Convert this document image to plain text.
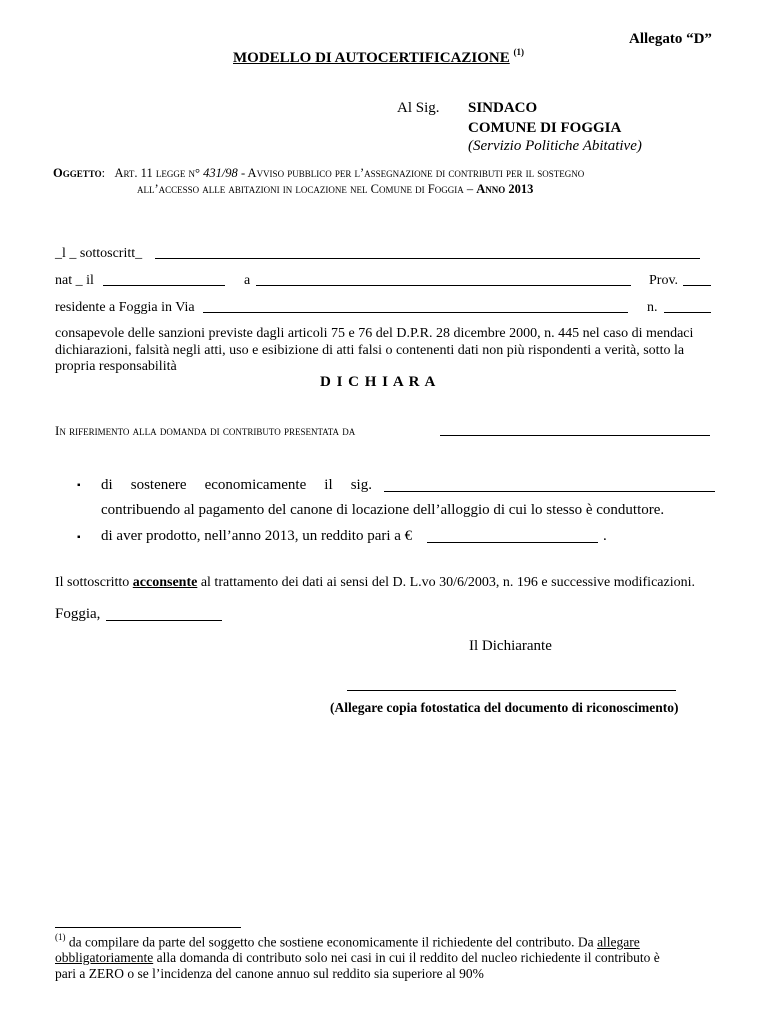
Allegato “D”
MODELLO DI AUTOCERTIFICAZIONE $^{(1)}$
Al Sig. SINDACO
COMUNE DI FOGGIA
(Servizio Politiche Abitative)
Oggetto: Art. 11 legge n° 431/98 - Avviso pubblico per l’assegnazione di contributi per il sostegno
all’accesso alle abitazioni in locazione nel Comune di Foggia – Anno 2013
_l _ sottoscritt_
nat _ il	a	Prov.
residente a Foggia in Via	n.
consapevole delle sanzioni previste dagli articoli 75 e 76 del D.P.R. 28 dicembre 2000, n. 445 nel caso di mendaci
dichiarazioni, falsità negli atti, uso e esibizione di atti falsi o contenenti dati non più rispondenti a verità, sotto la
propria responsabilità
D I C H I A R A
In riferimento alla domanda di contributo presentata da
▪ di sostenere economicamente il sig.
contribuendo al pagamento del canone di locazione dell’alloggio di cui lo stesso è conduttore.
▪ di aver prodotto, nell’anno 2013, un reddito pari a €	.
Il sottoscritto acconsente al trattamento dei dati ai sensi del D. L.vo 30/6/2003, n. 196 e successive modificazioni.
Foggia,
Il Dichiarante
(Allegare copia fotostatica del documento di riconoscimento)
$^{(1)}$ da compilare da parte del soggetto che sostiene economicamente il richiedente del contributo. Da allegare
obbligatoriamente alla domanda di contributo solo nei casi in cui il reddito del nucleo richiedente il contributo è
pari a ZERO o se l’incidenza del canone annuo sul reddito sia superiore al 90%
